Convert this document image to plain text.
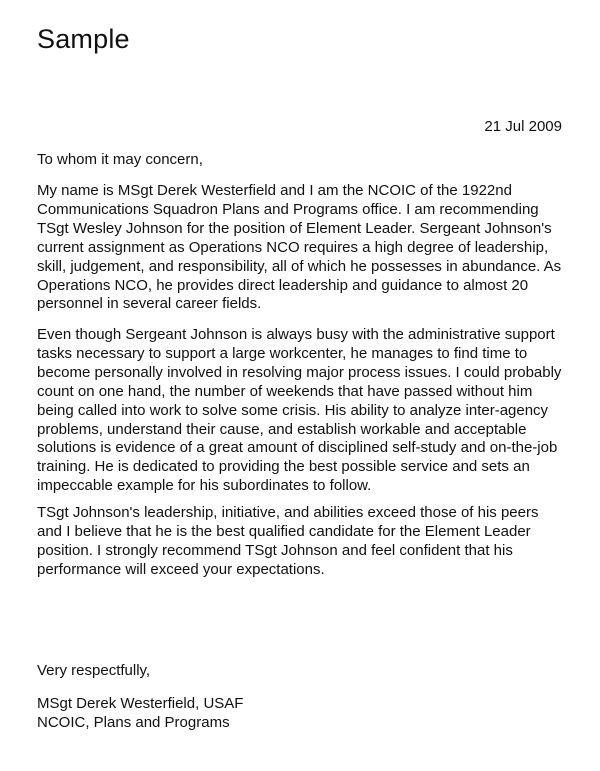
Sample
21 Jul 2009

To whom it may concern,

My name is MSgt Derek Westerfield and I am the NCOIC of the 1922nd Communications Squadron Plans and Programs office. I am recommending TSgt Wesley Johnson for the position of Element Leader. Sergeant Johnson's current assignment as Operations NCO requires a high degree of leadership, skill, judgement, and responsibility, all of which he possesses in abundance. As Operations NCO, he provides direct leadership and guidance to almost 20 personnel in several career fields.

Even though Sergeant Johnson is always busy with the administrative support tasks necessary to support a large workcenter, he manages to find time to become personally involved in resolving major process issues. I could probably count on one hand, the number of weekends that have passed without him being called into work to solve some crisis. His ability to analyze inter-agency problems, understand their cause, and establish workable and acceptable solutions is evidence of a great amount of disciplined self-study and on-the-job training. He is dedicated to providing the best possible service and sets an impeccable example for his subordinates to follow.

TSgt Johnson's leadership, initiative, and abilities exceed those of his peers and I believe that he is the best qualified candidate for the Element Leader position. I strongly recommend TSgt Johnson and feel confident that his performance will exceed your expectations.

Very respectfully,

MSgt Derek Westerfield, USAF

NCOIC, Plans and Programs
